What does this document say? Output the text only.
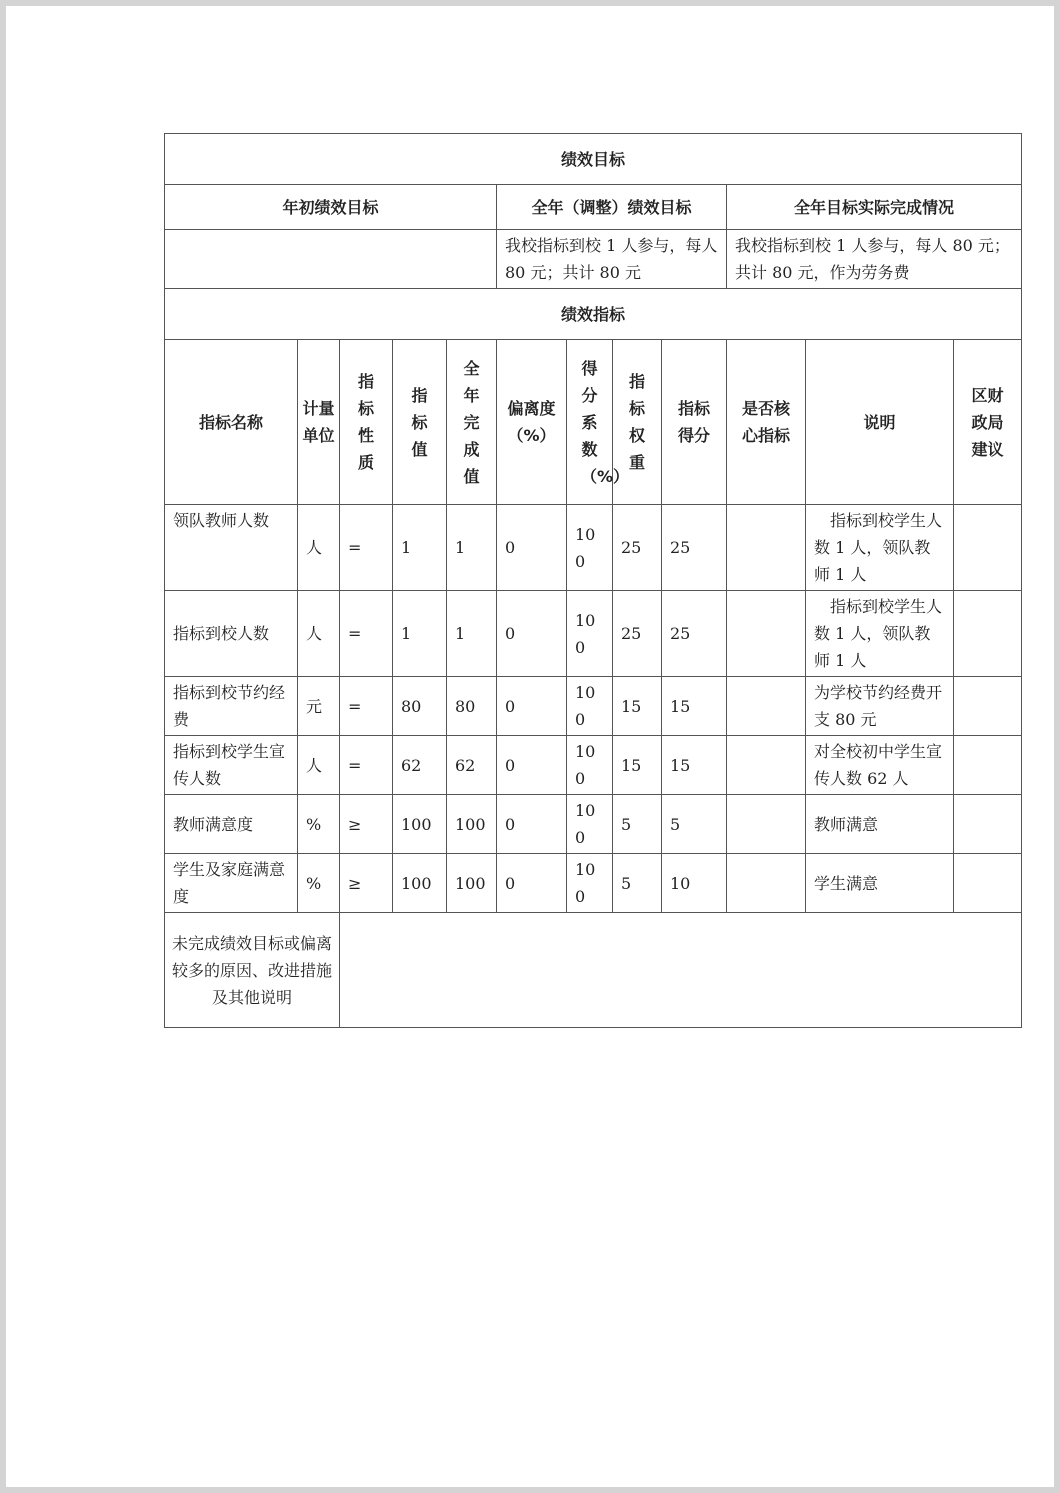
绩效目标											
年初绩效目标					全年（调整）绩效目标				全年目标实际完成情况		
					我校指标到校 1 人参与，每人 80 元；共计 80 元				我校指标到校 1 人参与，每人 80 元；共计 80 元，作为劳务费		
绩效指标											
指标名称	计量单位	指标性质	指标值	全年完成值	偏离度（%）	得分系数（%）	指标权重	指标得分	是否核心指标	说明	区财政局建议
领队教师人数	人	=	1	1	0	100	25	25		指标到校学生人数 1 人，领队教师 1 人	
指标到校人数	人	=	1	1	0	100	25	25		指标到校学生人数 1 人，领队教师 1 人	
指标到校节约经费	元	=	80	80	0	100	15	15		为学校节约经费开支 80 元	
指标到校学生宣传人数	人	=	62	62	0	100	15	15		对全校初中学生宣传人数 62 人	
教师满意度	%	≥	100	100	0	100	5	5		教师满意	
学生及家庭满意度	%	≥	100	100	0	100	5	10		学生满意	
未完成绩效目标或偏离较多的原因、改进措施及其他说明											
